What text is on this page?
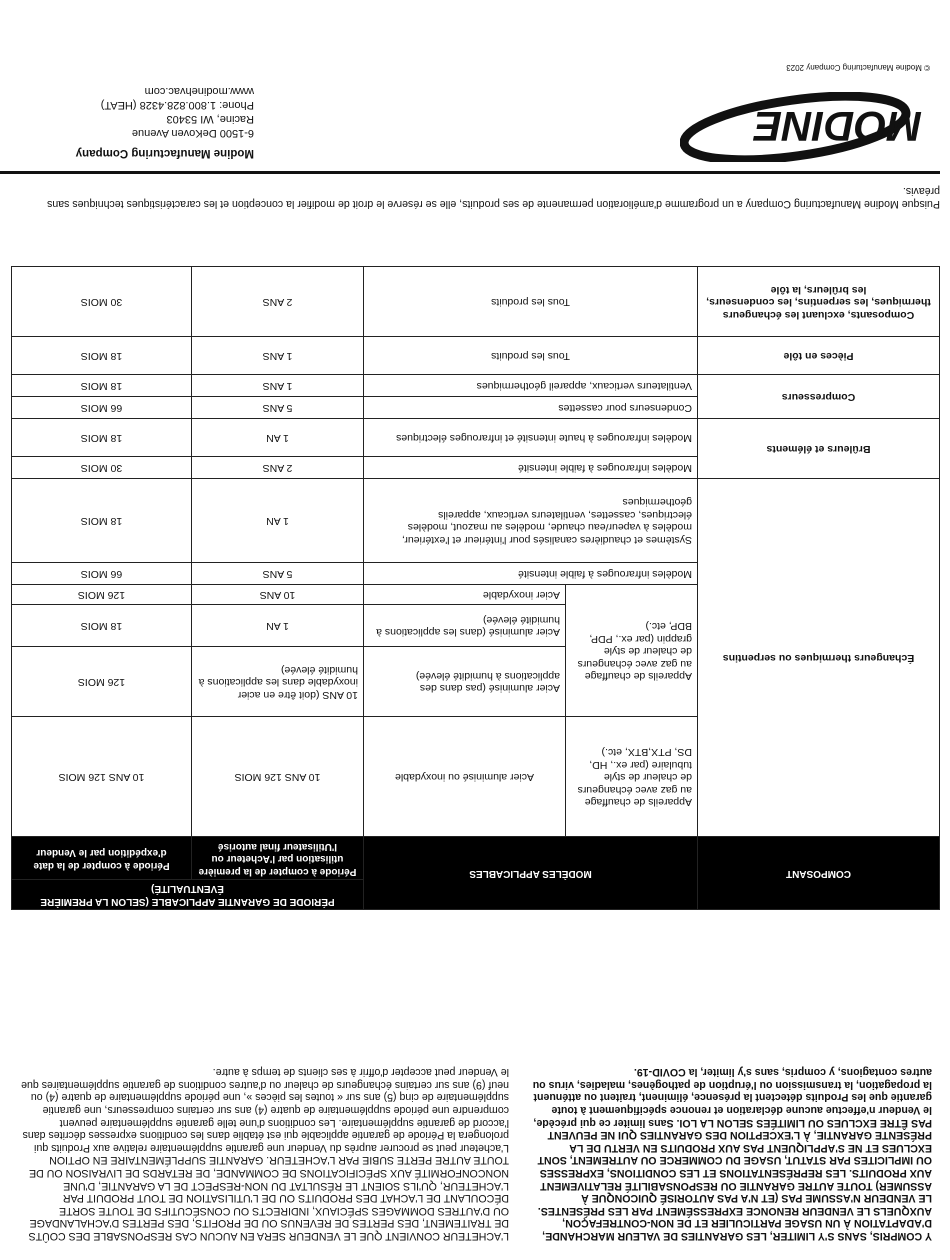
Y COMPRIS, SANS S'Y LIMITER, LES GARANTIES DE VALEUR MARCHANDE, D'ADAPTATION À UN USAGE PARTICULIER ET DE NON-CONTREFAÇON, AUXQUELS LE VENDEUR RENONCE EXPRESSÉMENT PAR LES PRÉSENTES. LE VENDEUR N'ASSUME PAS (ET N'A PAS AUTORISÉ QUICONQUE À ASSUMER) TOUTE AUTRE GARANTIE OU RESPONSABILITÉ RELATIVEMENT AUX PRODUITS. LES REPRÉSENTATIONS ET LES CONDITIONS, EXPRESSES OU IMPLICITES PAR STATUT, USAGE DU COMMERCE OU AUTREMENT, SONT EXCLUES ET NE S'APPLIQUENT PAS AUX PRODUITS EN VERTU DE LA PRÉSENTE GARANTIE, À L'EXCEPTION DES GARANTIES QUI NE PEUVENT PAS ÊTRE EXCLUES OU LIMITÉES SELON LA LOI. Sans limiter ce qui précède, le Vendeur n'effectue aucune déclaration et renonce spécifiquement à toute garantie que les Produits détectent la présence, éliminent, traitent ou atténuent la propagation, la transmission ou l'éruption de pathogènes, maladies, virus ou autres contagions, y compris, sans s'y limiter, la COVID-19.

L'ACHETEUR CONVIENT QUE LE VENDEUR SERA EN AUCUN CAS RESPONSABLE DES COÛTS DE TRAITEMENT, DES PERTES DE REVENUS OU DE PROFITS, DES PERTES D'ACHALANDAGE OU D'AUTRES DOMMAGES SPÉCIAUX, INDIRECTS OU CONSÉCUTIFS DE TOUTE SORTE DÉCOULANT DE L'ACHAT DES PRODUITS OU DE L'UTILISATION DE TOUT PRODUIT PAR L'ACHETEUR, QU'ILS SOIENT LE RÉSULTAT DU NON-RESPECT DE LA GARANTIE, D'UNE NONCONFORMITÉ AUX SPÉCIFICATIONS DE COMMANDE, DE RETARDS DE LIVRAISON OU DE TOUTE AUTRE PERTE SUBIE PAR L'ACHETEUR. GARANTIE SUPPLÉMENTAIRE EN OPTION L'acheteur peut se procurer auprès du Vendeur une garantie supplémentaire relative aux Produits qui prolongera la Période de garantie applicable qui est établie dans les conditions expresses décrites dans l'accord de garantie supplémentaire. Les conditions d'une telle garantie supplémentaire peuvent comprendre une période supplémentaire de quatre (4) ans sur certains compresseurs, une garantie supplémentaire de cinq (5) ans sur « toutes les pièces », une période supplémentaire de quatre (4) ou neuf (9) ans sur certains échangeurs de chaleur ou d'autres conditions de garantie supplémentaires que le Vendeur peut accepter d'offrir à ses clients de temps à autre.

COMPOSANT	MODÈLES APPLICABLES		PÉRIODE DE GARANTIE APPLICABLE (SELON LA PREMIÈRE ÉVENTUALITÉ)	
			Période à compter de la première utilisation par l'Acheteur ou l'Utilisateur final autorisé	Période à compter de la date d'expédition par le Vendeur
Échangeurs thermiques ou serpentins	Appareils de chauffage au gaz avec échangeurs de chaleur de style tubulaire (par ex., HD, DS, PTX,BTX, etc.)	Acier aluminisé ou inoxydable	10 ANS 126 MOIS	10 ANS 126 MOIS
	Appareils de chauffage au gaz avec échangeurs de chaleur de style grappin (par ex., PDP, BDP, etc.)	Acier aluminisé (pas dans des applications à humidité élevée)	10 ANS (doit être en acier inoxydable dans les applications à humidité élevée)	126 MOIS
		Acier aluminisé (dans les applications à humidité élevée)	1 AN	18 MOIS
		Acier inoxydable	10 ANS	126 MOIS
	Modèles infrarouges à faible intensité		5 ANS	66 MOIS
	Systèmes et chaudières canalisés pour l'intérieur et l'extérieur, modèles à vapeur/eau chaude, modèles au mazout, modèles électriques, cassettes, ventilateurs verticaux, appareils géothermiques		1 AN	18 MOIS
Brûleurs et éléments	Modèles infrarouges à faible intensité		2 ANS	30 MOIS
	Modèles infrarouges à haute intensité et infrarouges électriques		1 AN	18 MOIS
Compresseurs	Condenseurs pour cassettes		5 ANS	66 MOIS
	Ventilateurs verticaux, appareil géothermiques		1 ANS	18 MOIS
Pièces en tôle	Tous les produits		1 ANS	18 MOIS
Composants, excluant les échangeurs thermiques, les serpentins, les condenseurs, les brûleurs, la tôle	Tous les produits		2 ANS	30 MOIS
Puisque Modine Manufacturing Company a un programme d'amélioration permanente de ses produits, elle se réserve le droit de modifier la conception et les caractéristiques techniques sans préavis.
MODINE
© Modine Manufacturing Company 2023
Modine Manufacturing Company
6-1500 DeKoven Avenue
Racine, WI 53403
Phone: 1.800.828.4328 (HEAT)
www.modinehvac.com
